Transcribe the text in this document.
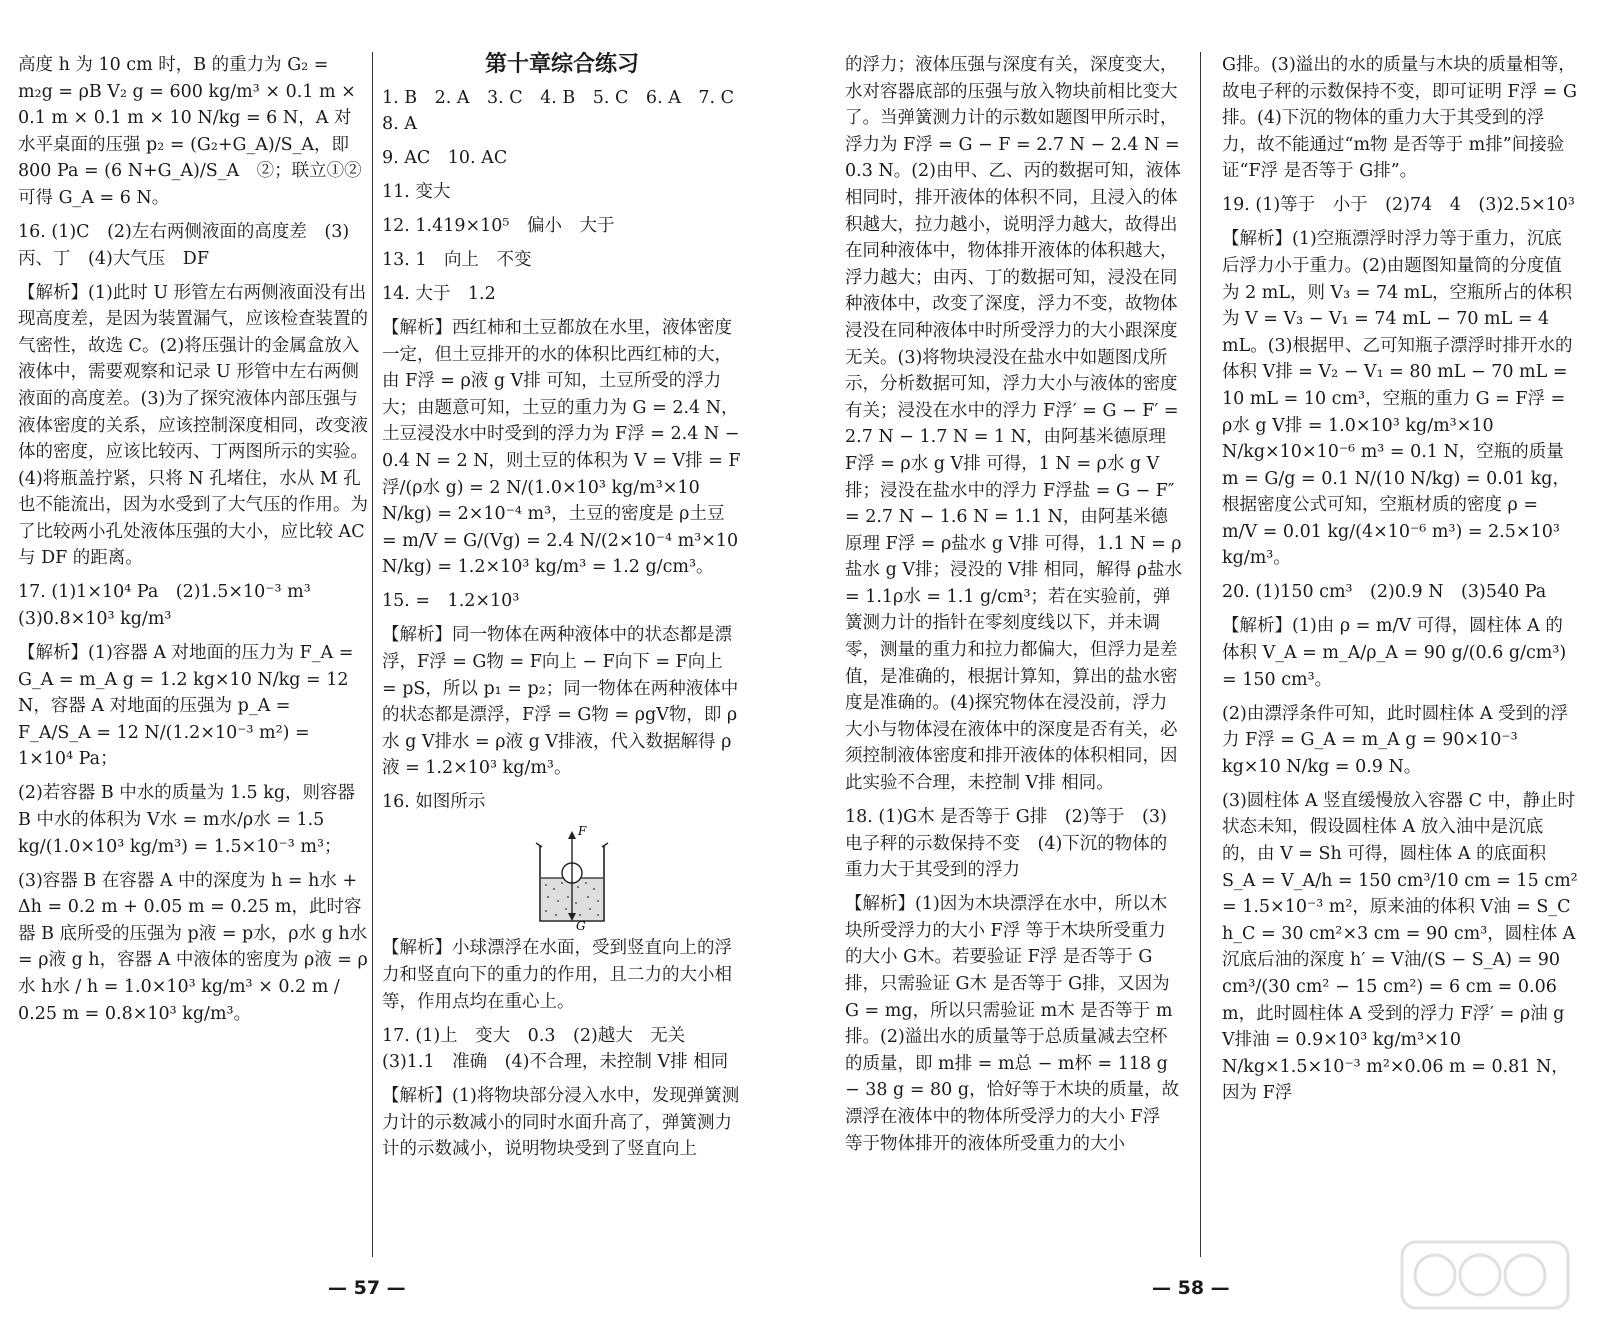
高度 h 为 10 cm 时，B 的重力为 G₂ = m₂g = ρB V₂ g = 600 kg/m³ × 0.1 m × 0.1 m × 0.1 m × 10 N/kg = 6 N，A 对水平桌面的压强 p₂ = (G₂+G_A)/S_A，即 800 Pa = (6 N+G_A)/S_A　②；联立①②可得 G_A = 6 N。

16. (1)C　(2)左右两侧液面的高度差　(3)丙、丁　(4)大气压　DF

【解析】(1)此时 U 形管左右两侧液面没有出现高度差，是因为装置漏气，应该检查装置的气密性，故选 C。(2)将压强计的金属盒放入液体中，需要观察和记录 U 形管中左右两侧液面的高度差。(3)为了探究液体内部压强与液体密度的关系，应该控制深度相同，改变液体的密度，应该比较丙、丁两图所示的实验。(4)将瓶盖拧紧，只将 N 孔堵住，水从 M 孔也不能流出，因为水受到了大气压的作用。为了比较两小孔处液体压强的大小，应比较 AC 与 DF 的距离。

17. (1)1×10⁴ Pa　(2)1.5×10⁻³ m³　(3)0.8×10³ kg/m³

【解析】(1)容器 A 对地面的压力为 F_A = G_A = m_A g = 1.2 kg×10 N/kg = 12 N，容器 A 对地面的压强为 p_A = F_A/S_A = 12 N/(1.2×10⁻³ m²) = 1×10⁴ Pa；

(2)若容器 B 中水的质量为 1.5 kg，则容器 B 中水的体积为 V水 = m水/ρ水 = 1.5 kg/(1.0×10³ kg/m³) = 1.5×10⁻³ m³；

(3)容器 B 在容器 A 中的深度为 h = h水 + Δh = 0.2 m + 0.05 m = 0.25 m，此时容器 B 底所受的压强为 p液 = p水，ρ水 g h水 = ρ液 g h，容器 A 中液体的密度为 ρ液 = ρ水 h水 / h = 1.0×10³ kg/m³ × 0.2 m / 0.25 m = 0.8×10³ kg/m³。

第十章综合练习

1. B　2. A　3. C　4. B　5. C　6. A　7. C　8. A

9. AC　10. AC

11. 变大

12. 1.419×10⁵　偏小　大于

13. 1　向上　不变

14. 大于　1.2

【解析】西红柿和土豆都放在水里，液体密度一定，但土豆排开的水的体积比西红柿的大，由 F浮 = ρ液 g V排 可知，土豆所受的浮力大；由题意可知，土豆的重力为 G = 2.4 N，土豆浸没水中时受到的浮力为 F浮 = 2.4 N − 0.4 N = 2 N，则土豆的体积为 V = V排 = F浮/(ρ水 g) = 2 N/(1.0×10³ kg/m³×10 N/kg) = 2×10⁻⁴ m³，土豆的密度是 ρ土豆 = m/V = G/(Vg) = 2.4 N/(2×10⁻⁴ m³×10 N/kg) = 1.2×10³ kg/m³ = 1.2 g/cm³。

15. =　1.2×10³

【解析】同一物体在两种液体中的状态都是漂浮，F浮 = G物 = F向上 − F向下 = F向上 = pS，所以 p₁ = p₂；同一物体在两种液体中的状态都是漂浮，F浮 = G物 = ρgV物，即 ρ水 g V排水 = ρ液 g V排液，代入数据解得 ρ液 = 1.2×10³ kg/m³。

16. 如图所示

F
G

【解析】小球漂浮在水面，受到竖直向上的浮力和竖直向下的重力的作用，且二力的大小相等，作用点均在重心上。

17. (1)上　变大　0.3　(2)越大　无关　(3)1.1　准确　(4)不合理，未控制 V排 相同

【解析】(1)将物块部分浸入水中，发现弹簧测力计的示数减小的同时水面升高了，弹簧测力计的示数减小，说明物块受到了竖直向上

的浮力；液体压强与深度有关，深度变大，水对容器底部的压强与放入物块前相比变大了。当弹簧测力计的示数如题图甲所示时，浮力为 F浮 = G − F = 2.7 N − 2.4 N = 0.3 N。(2)由甲、乙、丙的数据可知，液体相同时，排开液体的体积不同，且浸入的体积越大，拉力越小，说明浮力越大，故得出在同种液体中，物体排开液体的体积越大，浮力越大；由丙、丁的数据可知，浸没在同种液体中，改变了深度，浮力不变，故物体浸没在同种液体中时所受浮力的大小跟深度无关。(3)将物块浸没在盐水中如题图戊所示，分析数据可知，浮力大小与液体的密度有关；浸没在水中的浮力 F浮′ = G − F′ = 2.7 N − 1.7 N = 1 N，由阿基米德原理 F浮 = ρ水 g V排 可得，1 N = ρ水 g V排；浸没在盐水中的浮力 F浮盐 = G − F″ = 2.7 N − 1.6 N = 1.1 N，由阿基米德原理 F浮 = ρ盐水 g V排 可得，1.1 N = ρ盐水 g V排；浸没的 V排 相同，解得 ρ盐水 = 1.1ρ水 = 1.1 g/cm³；若在实验前，弹簧测力计的指针在零刻度线以下，并未调零，测量的重力和拉力都偏大，但浮力是差值，是准确的，根据计算知，算出的盐水密度是准确的。(4)探究物体在浸没前，浮力大小与物体浸在液体中的深度是否有关，必须控制液体密度和排开液体的体积相同，因此实验不合理，未控制 V排 相同。

18. (1)G木 是否等于 G排　(2)等于　(3)电子秤的示数保持不变　(4)下沉的物体的重力大于其受到的浮力

【解析】(1)因为木块漂浮在水中，所以木块所受浮力的大小 F浮 等于木块所受重力的大小 G木。若要验证 F浮 是否等于 G排，只需验证 G木 是否等于 G排，又因为 G = mg，所以只需验证 m木 是否等于 m排。(2)溢出水的质量等于总质量减去空杯的质量，即 m排 = m总 − m杯 = 118 g − 38 g = 80 g，恰好等于木块的质量，故漂浮在液体中的物体所受浮力的大小 F浮 等于物体排开的液体所受重力的大小

G排。(3)溢出的水的质量与木块的质量相等，故电子秤的示数保持不变，即可证明 F浮 = G排。(4)下沉的物体的重力大于其受到的浮力，故不能通过“m物 是否等于 m排”间接验证“F浮 是否等于 G排”。

19. (1)等于　小于　(2)74　4　(3)2.5×10³

【解析】(1)空瓶漂浮时浮力等于重力，沉底后浮力小于重力。(2)由题图知量筒的分度值为 2 mL，则 V₃ = 74 mL，空瓶所占的体积为 V = V₃ − V₁ = 74 mL − 70 mL = 4 mL。(3)根据甲、乙可知瓶子漂浮时排开水的体积 V排 = V₂ − V₁ = 80 mL − 70 mL = 10 mL = 10 cm³，空瓶的重力 G = F浮 = ρ水 g V排 = 1.0×10³ kg/m³×10 N/kg×10×10⁻⁶ m³ = 0.1 N，空瓶的质量 m = G/g = 0.1 N/(10 N/kg) = 0.01 kg，根据密度公式可知，空瓶材质的密度 ρ = m/V = 0.01 kg/(4×10⁻⁶ m³) = 2.5×10³ kg/m³。

20. (1)150 cm³　(2)0.9 N　(3)540 Pa

【解析】(1)由 ρ = m/V 可得，圆柱体 A 的体积 V_A = m_A/ρ_A = 90 g/(0.6 g/cm³) = 150 cm³。

(2)由漂浮条件可知，此时圆柱体 A 受到的浮力 F浮 = G_A = m_A g = 90×10⁻³ kg×10 N/kg = 0.9 N。

(3)圆柱体 A 竖直缓慢放入容器 C 中，静止时状态未知，假设圆柱体 A 放入油中是沉底的，由 V = Sh 可得，圆柱体 A 的底面积 S_A = V_A/h = 150 cm³/10 cm = 15 cm² = 1.5×10⁻³ m²，原来油的体积 V油 = S_C h_C = 30 cm²×3 cm = 90 cm³，圆柱体 A 沉底后油的深度 h′ = V油/(S − S_A) = 90 cm³/(30 cm² − 15 cm²) = 6 cm = 0.06 m，此时圆柱体 A 受到的浮力 F浮′ = ρ油 g V排油 = 0.9×10³ kg/m³×10 N/kg×1.5×10⁻³ m²×0.06 m = 0.81 N，因为 F浮

— 57 —	— 58 —
